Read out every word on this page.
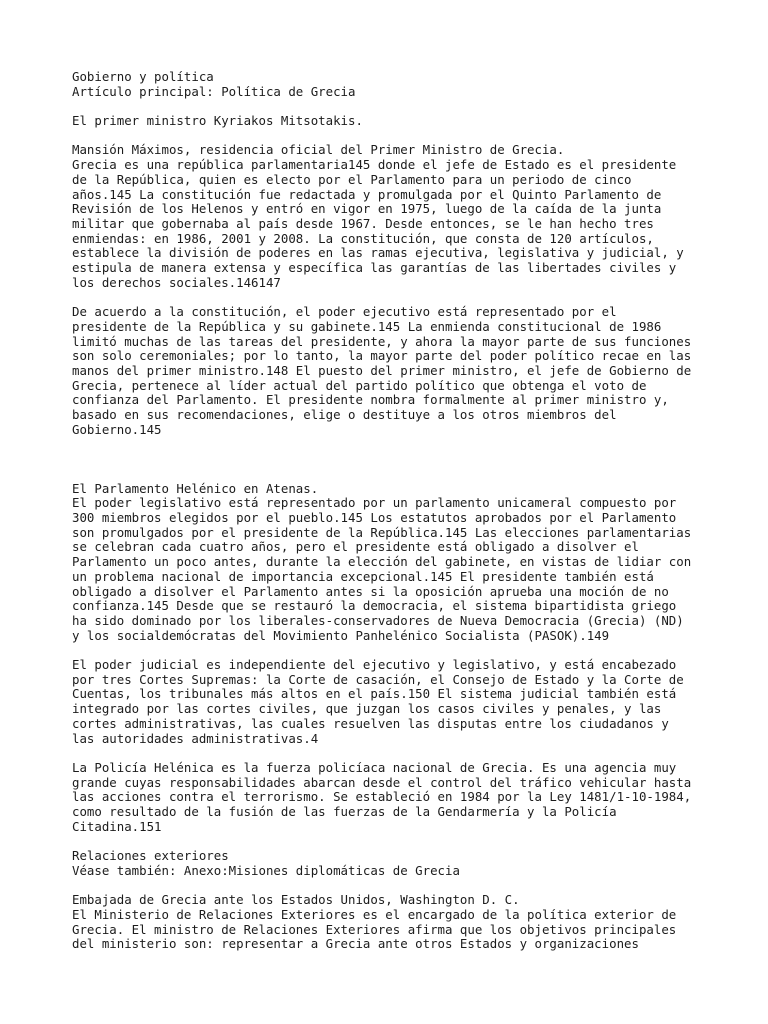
Gobierno y política
Artículo principal: Política de Grecia
El primer ministro Kyriakos Mitsotakis.
Mansión Máximos, residencia oficial del Primer Ministro de Grecia.
Grecia es una república parlamentaria145 donde el jefe de Estado es el presidente
de la República, quien es electo por el Parlamento para un periodo de cinco
años.145 La constitución fue redactada y promulgada por el Quinto Parlamento de
Revisión de los Helenos y entró en vigor en 1975, luego de la caída de la junta
militar que gobernaba al país desde 1967. Desde entonces, se le han hecho tres
enmiendas: en 1986, 2001 y 2008. La constitución, que consta de 120 artículos,
establece la división de poderes en las ramas ejecutiva, legislativa y judicial, y
estipula de manera extensa y específica las garantías de las libertades civiles y
los derechos sociales.146147
De acuerdo a la constitución, el poder ejecutivo está representado por el
presidente de la República y su gabinete.145 La enmienda constitucional de 1986
limitó muchas de las tareas del presidente, y ahora la mayor parte de sus funciones
son solo ceremoniales; por lo tanto, la mayor parte del poder político recae en las
manos del primer ministro.148 El puesto del primer ministro, el jefe de Gobierno de
Grecia, pertenece al líder actual del partido político que obtenga el voto de
confianza del Parlamento. El presidente nombra formalmente al primer ministro y,
basado en sus recomendaciones, elige o destituye a los otros miembros del
Gobierno.145
El Parlamento Helénico en Atenas.
El poder legislativo está representado por un parlamento unicameral compuesto por
300 miembros elegidos por el pueblo.145 Los estatutos aprobados por el Parlamento
son promulgados por el presidente de la República.145 Las elecciones parlamentarias
se celebran cada cuatro años, pero el presidente está obligado a disolver el
Parlamento un poco antes, durante la elección del gabinete, en vistas de lidiar con
un problema nacional de importancia excepcional.145 El presidente también está
obligado a disolver el Parlamento antes si la oposición aprueba una moción de no
confianza.145 Desde que se restauró la democracia, el sistema bipartidista griego
ha sido dominado por los liberales-conservadores de Nueva Democracia (Grecia) (ND)
y los socialdemócratas del Movimiento Panhelénico Socialista (PASOK).149
El poder judicial es independiente del ejecutivo y legislativo, y está encabezado
por tres Cortes Supremas: la Corte de casación, el Consejo de Estado y la Corte de
Cuentas, los tribunales más altos en el país.150 El sistema judicial también está
integrado por las cortes civiles, que juzgan los casos civiles y penales, y las
cortes administrativas, las cuales resuelven las disputas entre los ciudadanos y
las autoridades administrativas.4
La Policía Helénica es la fuerza policíaca nacional de Grecia. Es una agencia muy
grande cuyas responsabilidades abarcan desde el control del tráfico vehicular hasta
las acciones contra el terrorismo. Se estableció en 1984 por la Ley 1481/1-10-1984,
como resultado de la fusión de las fuerzas de la Gendarmería y la Policía
Citadina.151
Relaciones exteriores
Véase también: Anexo:Misiones diplomáticas de Grecia
Embajada de Grecia ante los Estados Unidos, Washington D. C.
El Ministerio de Relaciones Exteriores es el encargado de la política exterior de
Grecia. El ministro de Relaciones Exteriores afirma que los objetivos principales
del ministerio son: representar a Grecia ante otros Estados y organizaciones
